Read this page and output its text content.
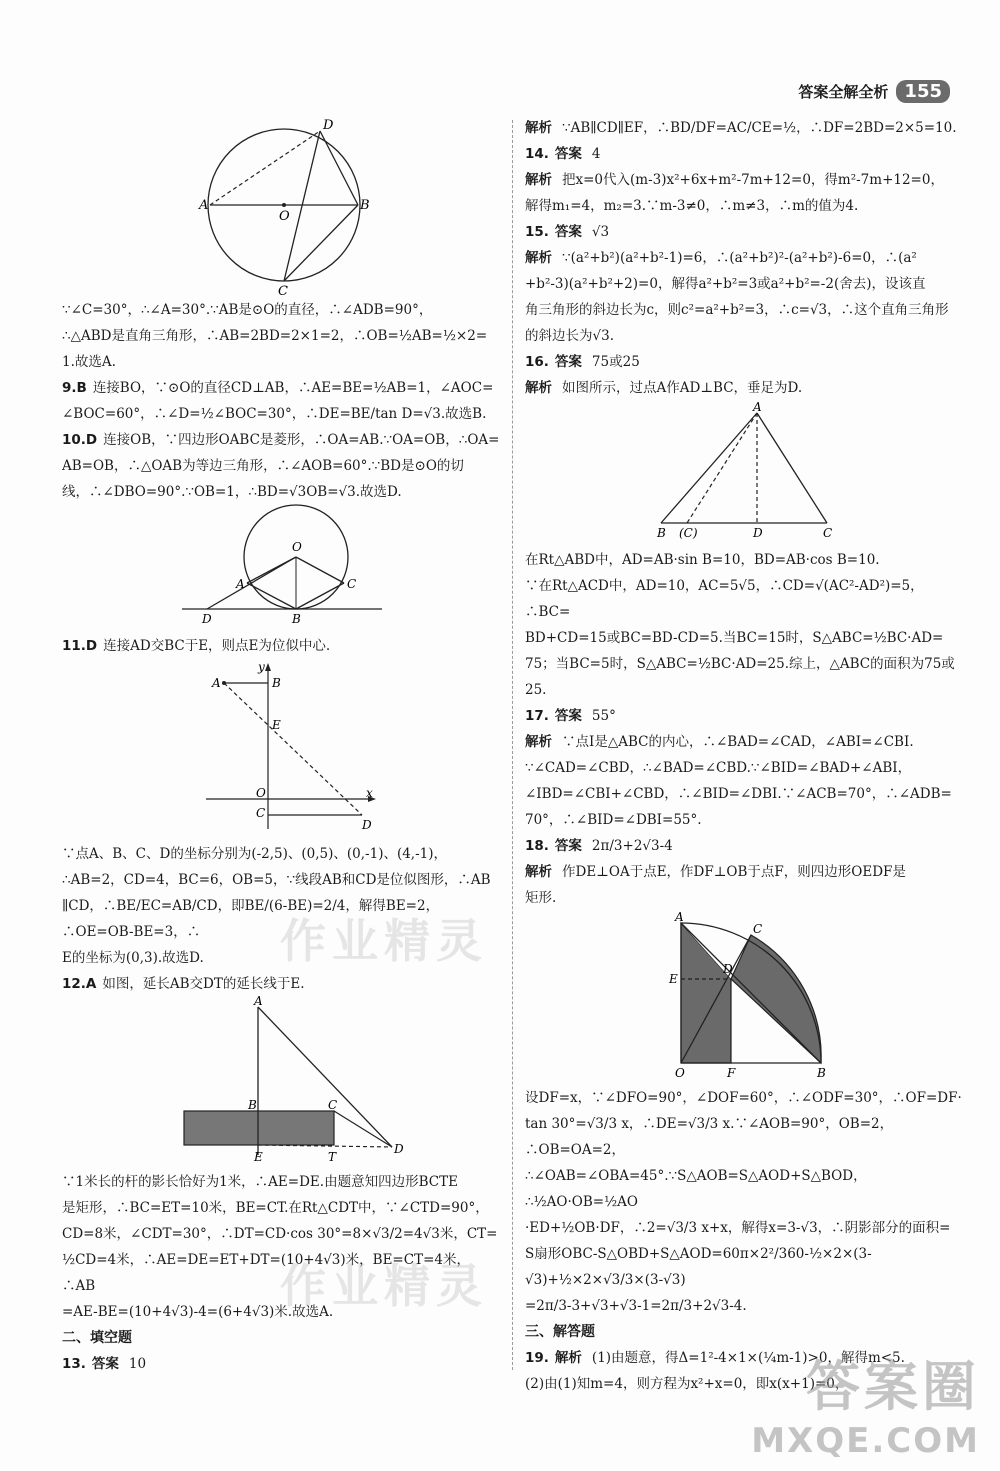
答案全解全析 155
D
A
O
B
C

∵∠C=30°，∴∠A=30°.∵AB是⊙O的直径，∴∠ADB=90°，

∴△ABD是直角三角形，∴AB=2BD=2×1=2，∴OB=½AB=½×2=

1.故选A.

9.B 连接BO，∵⊙O的直径CD⊥AB，∴AE=BE=½AB=1，∠AOC=

∠BOC=60°，∴∠D=½∠BOC=30°，∴DE=BE/tan D=√3.故选B.

10.D 连接OB，∵四边形OABC是菱形，∴OA=AB.∵OA=OB，∴OA=

AB=OB，∴△OAB为等边三角形，∴∠AOB=60°.∵BD是⊙O的切

线，∴∠DBO=90°.∵OB=1，∴BD=√3OB=√3.故选D.

O
A	C
D	B

11.D 连接AD交BC于E，则点E为位似中心.

y
A	B
E
O
C
D
x

∵点A、B、C、D的坐标分别为(-2,5)、(0,5)、(0,-1)、(4,-1)，

∴AB=2，CD=4，BC=6，OB=5，∵线段AB和CD是位似图形，∴AB

∥CD，∴BE/EC=AB/CD，即BE/(6-BE)=2/4，解得BE=2，∴OE=OB-BE=3，∴

E的坐标为(0,3).故选D.

12.A 如图，延长AB交DT的延长线于E.

A
B	C
E	T
D

∵1米长的杆的影长恰好为1米，∴AE=DE.由题意知四边形BCTE

是矩形，∴BC=ET=10米，BE=CT.在Rt△CDT中，∵∠CTD=90°，

CD=8米，∠CDT=30°，∴DT=CD·cos 30°=8×√3/2=4√3米，CT=

½CD=4米，∴AE=DE=ET+DT=(10+4√3)米，BE=CT=4米，∴AB

=AE-BE=(10+4√3)-4=(6+4√3)米.故选A.

二、填空题

13. 答案 10

解析 ∵AB∥CD∥EF，∴BD/DF=AC/CE=½，∴DF=2BD=2×5=10.

14. 答案 4

解析 把x=0代入(m-3)x²+6x+m²-7m+12=0，得m²-7m+12=0，

解得m₁=4，m₂=3.∵m-3≠0，∴m≠3，∴m的值为4.

15. 答案 √3

解析 ∵(a²+b²)(a²+b²-1)=6，∴(a²+b²)²-(a²+b²)-6=0，∴(a²

+b²-3)(a²+b²+2)=0，解得a²+b²=3或a²+b²=-2(舍去)，设该直

角三角形的斜边长为c，则c²=a²+b²=3，∴c=√3，∴这个直角三角形

的斜边长为√3.

16. 答案 75或25

解析 如图所示，过点A作AD⊥BC，垂足为D.

A
B (C)	D	C

在Rt△ABD中，AD=AB·sin B=10，BD=AB·cos B=10.

∵在Rt△ACD中，AD=10，AC=5√5，∴CD=√(AC²-AD²)=5，∴BC=

BD+CD=15或BC=BD-CD=5.当BC=15时，S△ABC=½BC·AD=

75；当BC=5时，S△ABC=½BC·AD=25.综上，△ABC的面积为75或25.

17. 答案 55°

解析 ∵点I是△ABC的内心，∴∠BAD=∠CAD，∠ABI=∠CBI.

∵∠CAD=∠CBD，∴∠BAD=∠CBD.∵∠BID=∠BAD+∠ABI，

∠IBD=∠CBI+∠CBD，∴∠BID=∠DBI.∵∠ACB=70°，∴∠ADB=

70°，∴∠BID=∠DBI=55°.

18. 答案 2π/3+2√3-4

解析 作DE⊥OA于点E，作DF⊥OB于点F，则四边形OEDF是

矩形.

A
C
D
E
O	F	B

设DF=x，∵∠DFO=90°，∠DOF=60°，∴∠ODF=30°，∴OF=DF·

tan 30°=√3/3 x，∴DE=√3/3 x.∵∠AOB=90°，OB=2，∴OB=OA=2，

∴∠OAB=∠OBA=45°.∵S△AOB=S△AOD+S△BOD，∴½AO·OB=½AO

·ED+½OB·DF，∴2=√3/3 x+x，解得x=3-√3，∴阴影部分的面积=

S扇形OBC-S△OBD+S△AOD=60π×2²/360-½×2×(3-√3)+½×2×√3/3×(3-√3)

=2π/3-3+√3+√3-1=2π/3+2√3-4.

三、解答题

19. 解析 (1)由题意，得Δ=1²-4×1×(¼m-1)>0，解得m<5.

(2)由(1)知m=4，则方程为x²+x=0，即x(x+1)=0，

作业精灵
作业精灵
答案圈
MXQE.COM
